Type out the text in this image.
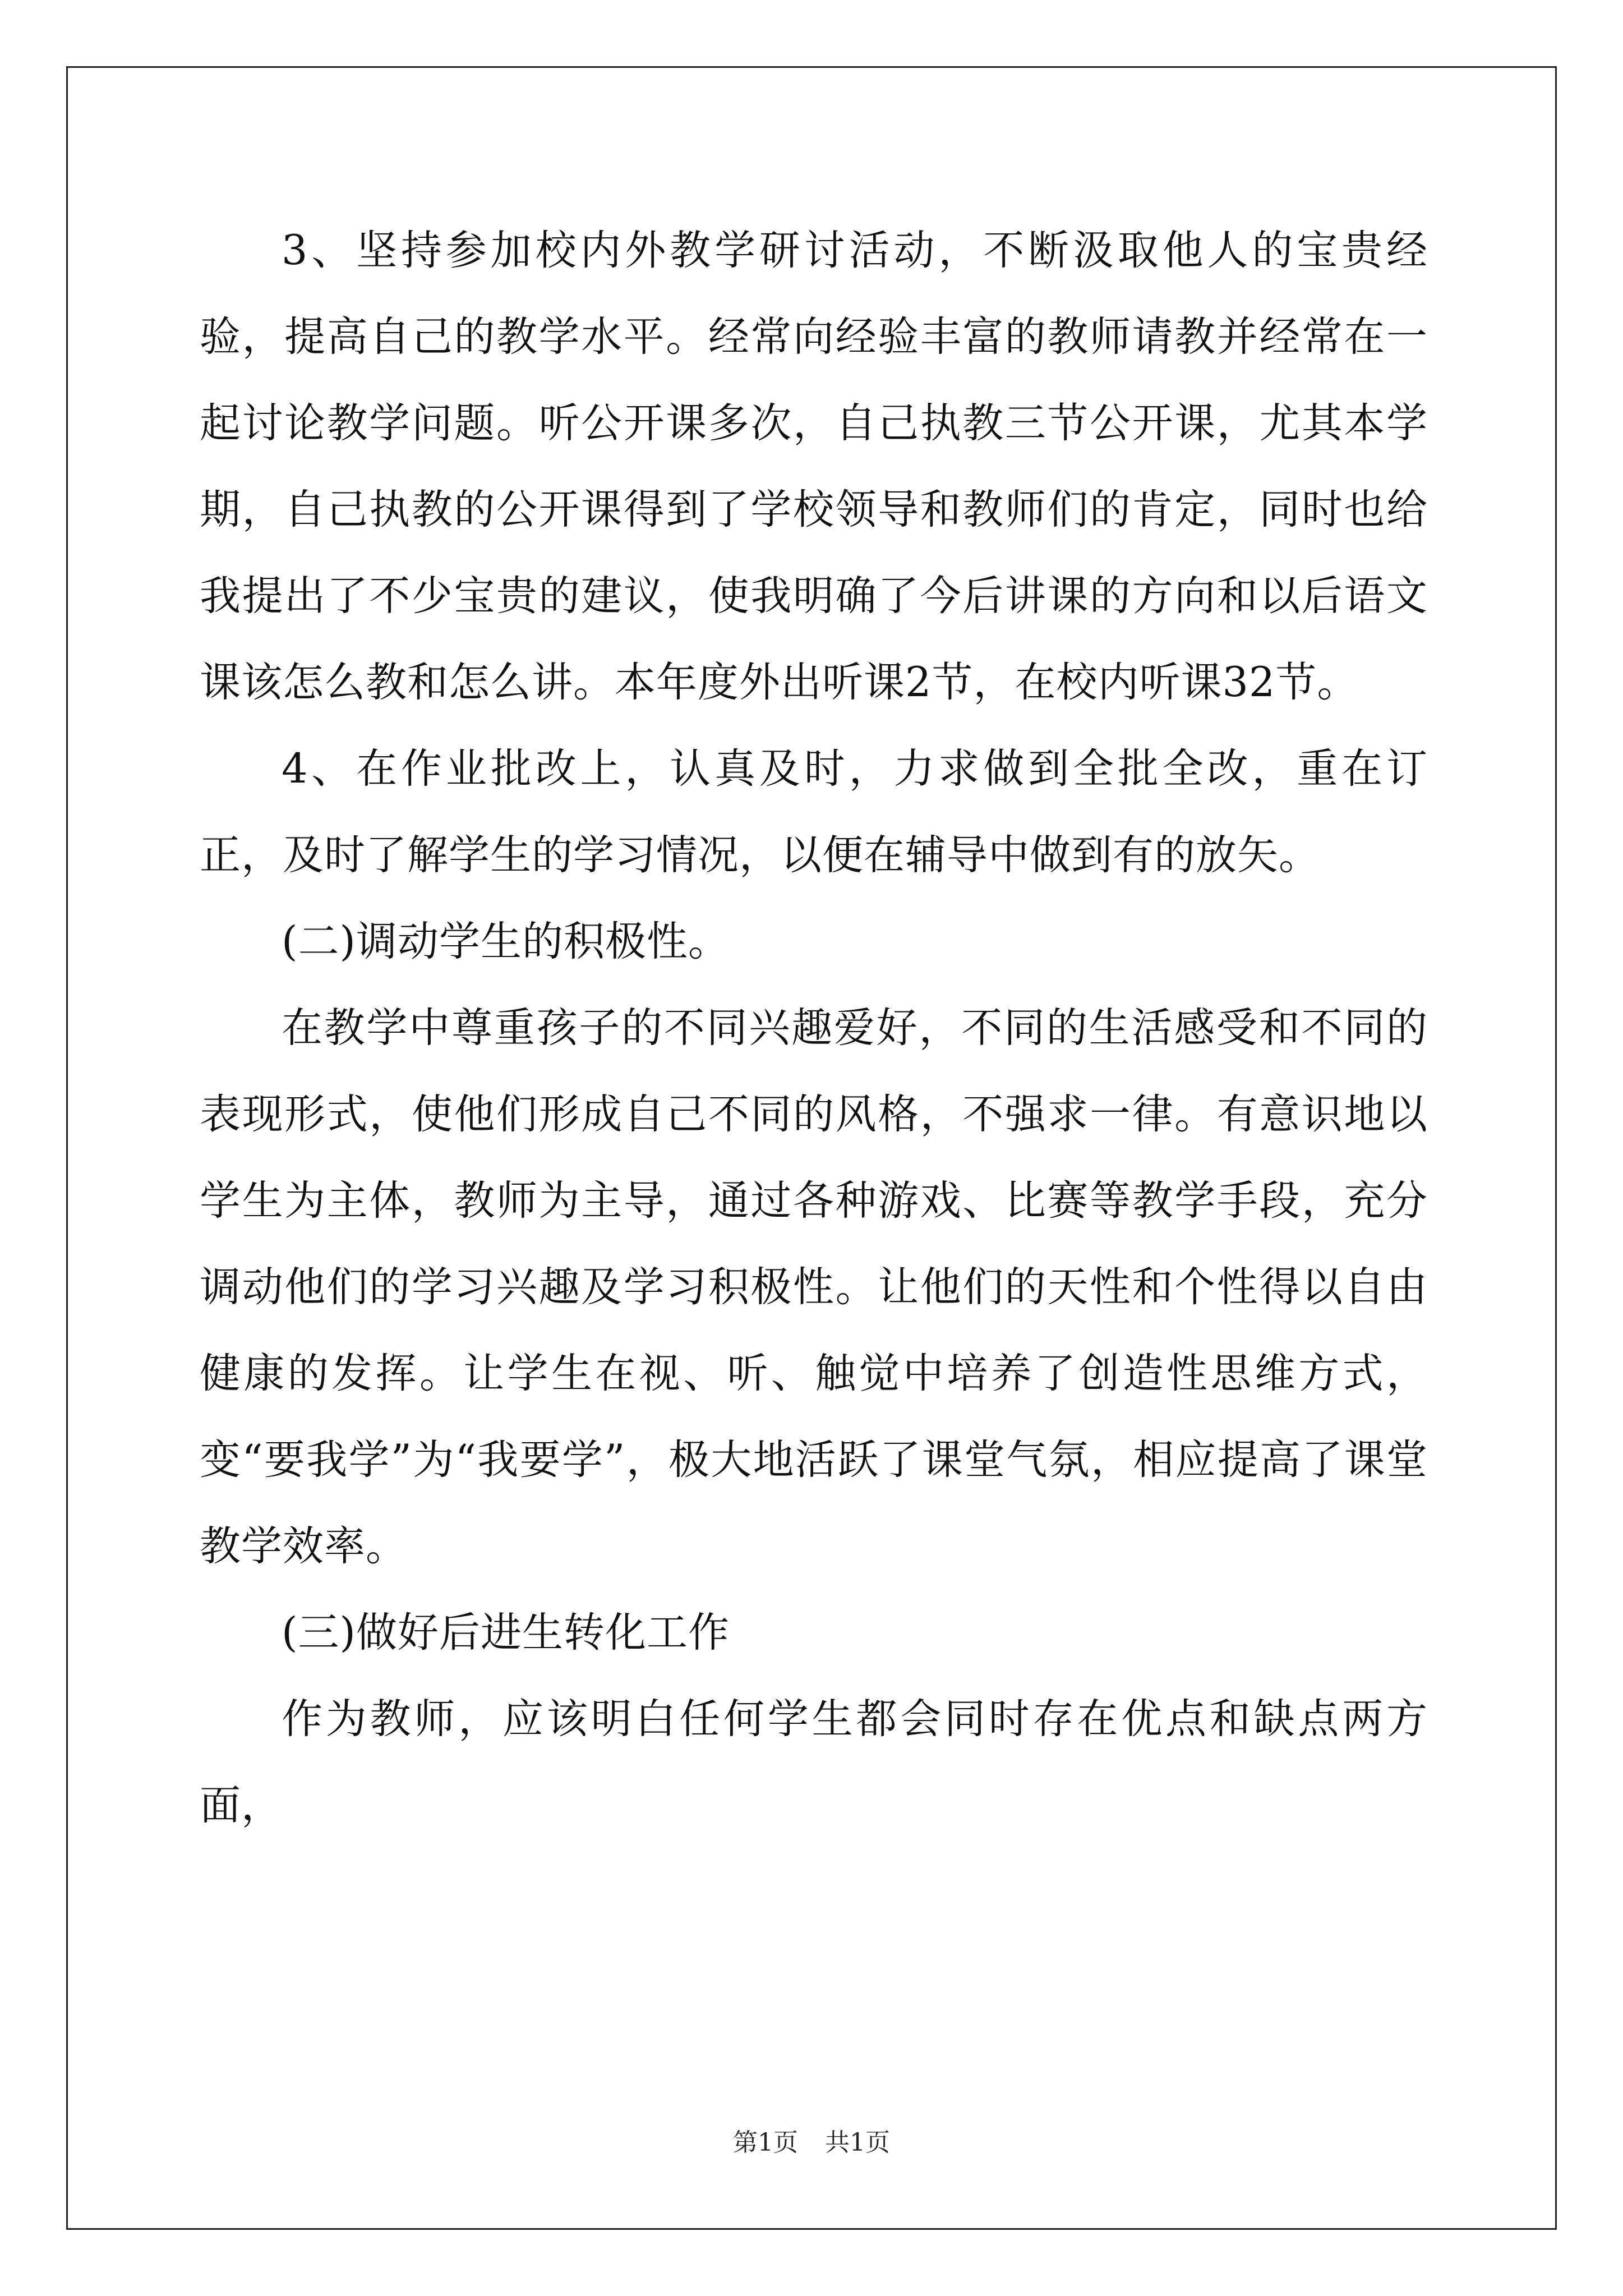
3、坚持参加校内外教学研讨活动，不断汲取他人的宝贵经验，提高自己的教学水平。经常向经验丰富的教师请教并经常在一起讨论教学问题。听公开课多次，自己执教三节公开课，尤其本学期，自己执教的公开课得到了学校领导和教师们的肯定，同时也给我提出了不少宝贵的建议，使我明确了今后讲课的方向和以后语文课该怎么教和怎么讲。本年度外出听课2节，在校内听课32节。

4、在作业批改上，认真及时，力求做到全批全改，重在订正，及时了解学生的学习情况，以便在辅导中做到有的放矢。

(二)调动学生的积极性。

在教学中尊重孩子的不同兴趣爱好，不同的生活感受和不同的表现形式，使他们形成自己不同的风格，不强求一律。有意识地以学生为主体，教师为主导，通过各种游戏、比赛等教学手段，充分调动他们的学习兴趣及学习积极性。让他们的天性和个性得以自由健康的发挥。让学生在视、听、触觉中培养了创造性思维方式，变“要我学”为“我要学”，极大地活跃了课堂气氛，相应提高了课堂教学效率。

(三)做好后进生转化工作

作为教师，应该明白任何学生都会同时存在优点和缺点两方面，

第1页 共1页
